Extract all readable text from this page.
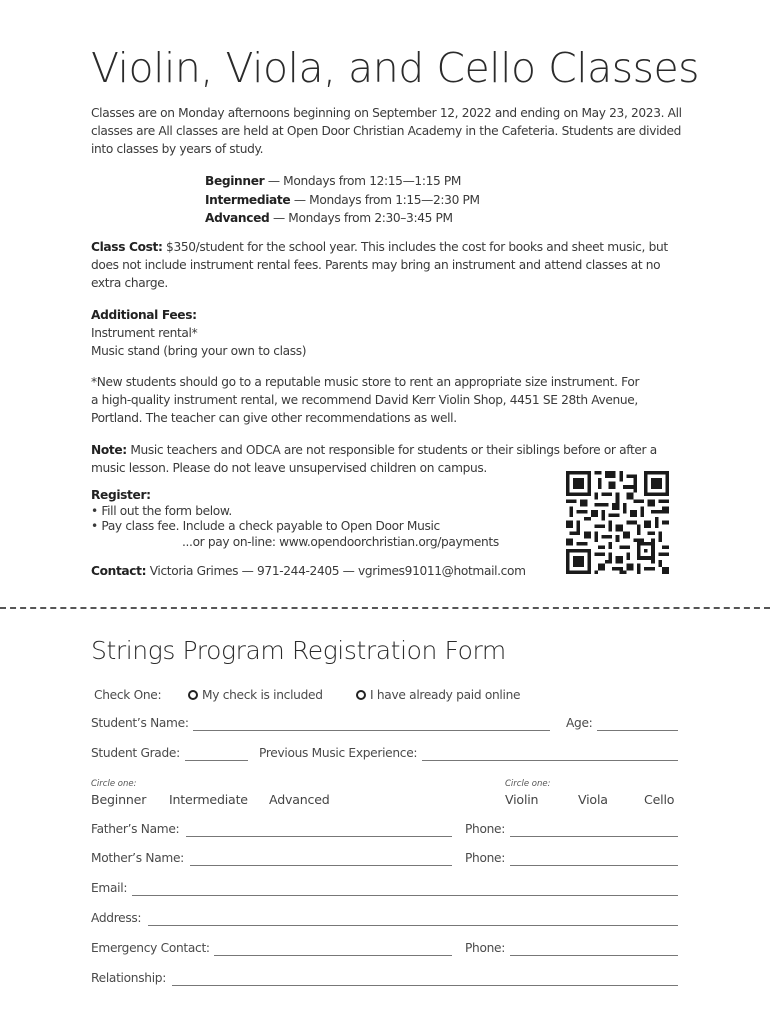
Violin, Viola, and Cello Classes
Classes are on Monday afternoons beginning on September 12, 2022 and ending on May 23, 2023. All
classes are All classes are held at Open Door Christian Academy in the Cafeteria. Students are divided
into classes by years of study.
Beginner — Mondays from 12:15—1:15 PM
Intermediate — Mondays from 1:15—2:30 PM
Advanced — Mondays from 2:30–3:45 PM
Class Cost: $350/student for the school year. This includes the cost for books and sheet music, but
does not include instrument rental fees. Parents may bring an instrument and attend classes at no
extra charge.
Additional Fees:
Instrument rental*
Music stand (bring your own to class)
*New students should go to a reputable music store to rent an appropriate size instrument. For
a high-quality instrument rental, we recommend David Kerr Violin Shop, 4451 SE 28th Avenue,
Portland. The teacher can give other recommendations as well.
Note: Music teachers and ODCA are not responsible for students or their siblings before or after a
music lesson. Please do not leave unsupervised children on campus.
Register:
• Fill out the form below.
• Pay class fee. Include a check payable to Open Door Music
...or pay on-line: www.opendoorchristian.org/payments
Contact: Victoria Grimes — 971-244-2405 — vgrimes91011@hotmail.com
Strings Program Registration Form
Check One:	My check is included	I have already paid online
Student’s Name:	Age:
Student Grade:	Previous Music Experience:
Circle one:
Beginner Intermediate Advanced
Circle one:
Violin	Viola	Cello
Father’s Name:	Phone:
Mother’s Name:	Phone:
Email:
Address:
Emergency Contact:	Phone:
Relationship:
